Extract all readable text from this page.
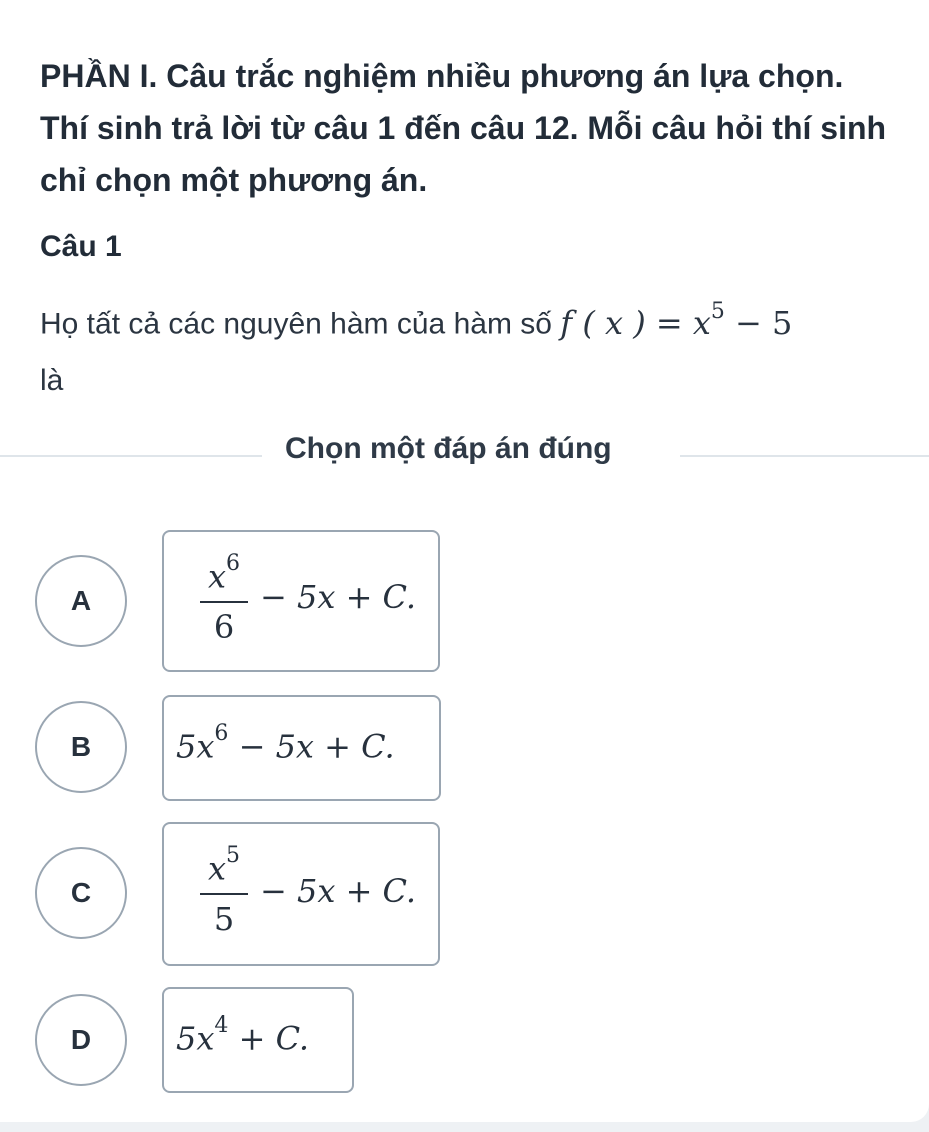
PHẦN I. Câu trắc nghiệm nhiều phương án lựa chọn. Thí sinh trả lời từ câu 1 đến câu 12. Mỗi câu hỏi thí sinh chỉ chọn một phương án.
Câu 1
Họ tất cả các nguyên hàm của hàm số f ( x ) = $x^5 - 5$
là
Chọn một đáp án đúng
A
$x^6$
6
− 5x + C.
B	$5x^6 - 5x + C$.
C
$x^5$
5
− 5x + C.
D	$5x^4 + C$.
